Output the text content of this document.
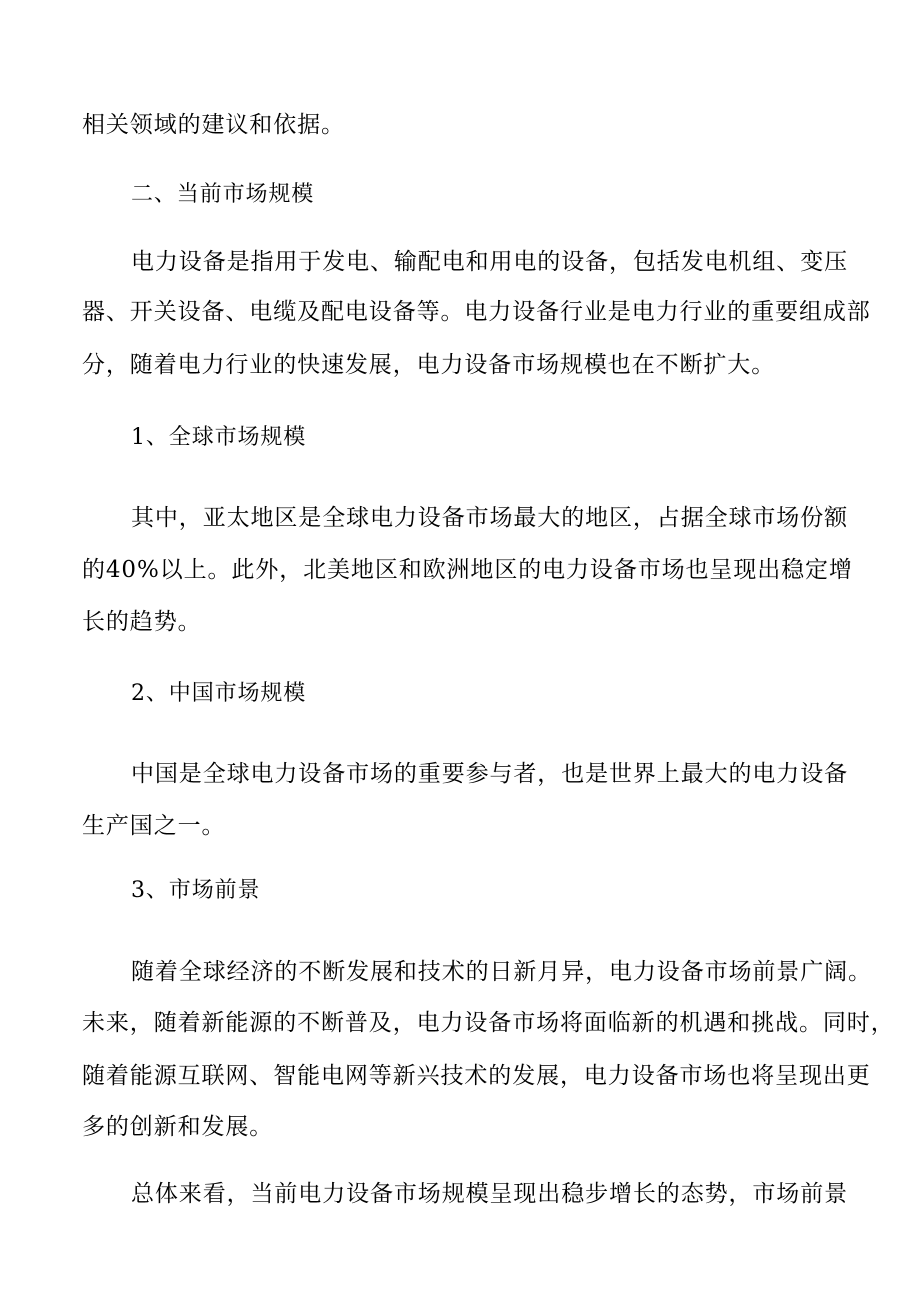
相关领域的建议和依据。
二、当前市场规模
电力设备是指用于发电、输配电和用电的设备，包括发电机组、变压
器、开关设备、电缆及配电设备等。电力设备行业是电力行业的重要组成部
分，随着电力行业的快速发展，电力设备市场规模也在不断扩大。
1、全球市场规模
其中，亚太地区是全球电力设备市场最大的地区，占据全球市场份额
的40%以上。此外，北美地区和欧洲地区的电力设备市场也呈现出稳定增
长的趋势。
2、中国市场规模
中国是全球电力设备市场的重要参与者，也是世界上最大的电力设备
生产国之一。
3、市场前景
随着全球经济的不断发展和技术的日新月异，电力设备市场前景广阔。
未来，随着新能源的不断普及，电力设备市场将面临新的机遇和挑战。同时，
随着能源互联网、智能电网等新兴技术的发展，电力设备市场也将呈现出更
多的创新和发展。
总体来看，当前电力设备市场规模呈现出稳步增长的态势，市场前景
